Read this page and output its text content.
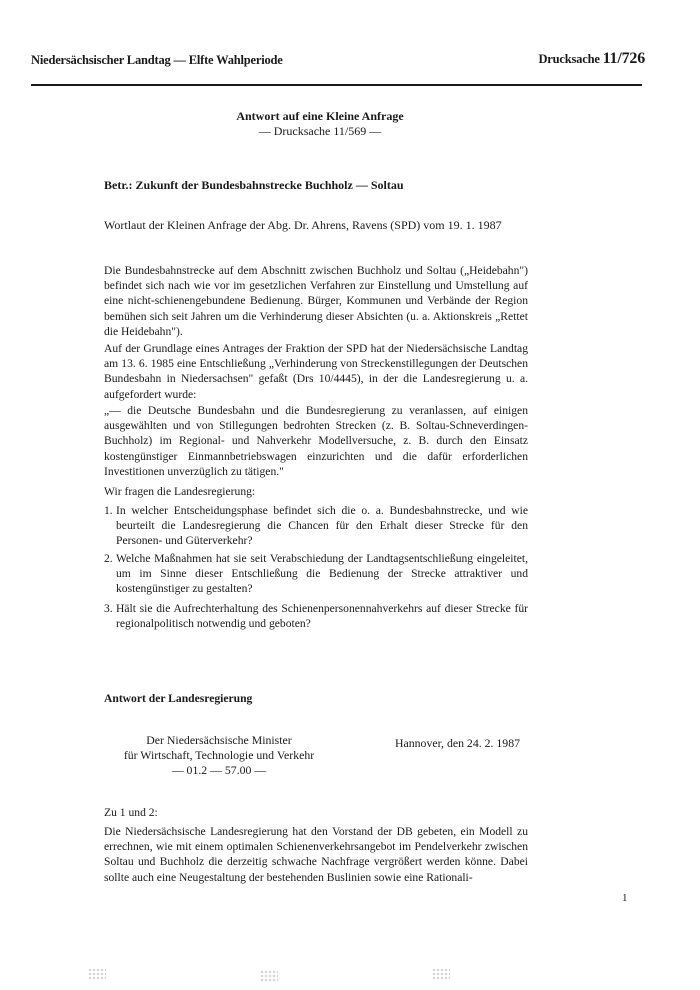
Niedersächsischer Landtag — Elfte Wahlperiode	Drucksache 11/726
Antwort auf eine Kleine Anfrage
— Drucksache 11/569 —
Betr.: Zukunft der Bundesbahnstrecke Buchholz — Soltau
Wortlaut der Kleinen Anfrage der Abg. Dr. Ahrens, Ravens (SPD) vom 19. 1. 1987
Die Bundesbahnstrecke auf dem Abschnitt zwischen Buchholz und Soltau („Heidebahn") befindet sich nach wie vor im gesetzlichen Verfahren zur Einstellung und Umstellung auf eine nicht-schienengebundene Bedienung. Bürger, Kommunen und Verbände der Region bemühen sich seit Jahren um die Verhinderung dieser Absichten (u. a. Aktionskreis „Rettet die Heidebahn").
Auf der Grundlage eines Antrages der Fraktion der SPD hat der Niedersächsische Landtag am 13. 6. 1985 eine Entschließung „Verhinderung von Streckenstillegungen der Deutschen Bundesbahn in Niedersachsen" gefaßt (Drs 10/4445), in der die Landesregierung u. a. aufgefordert wurde:
„— die Deutsche Bundesbahn und die Bundesregierung zu veranlassen, auf einigen ausgewählten und von Stillegungen bedrohten Strecken (z. B. Soltau-Schneverdingen-Buchholz) im Regional- und Nahverkehr Modellversuche, z. B. durch den Einsatz kostengünstiger Einmannbetriebswagen einzurichten und die dafür erforderlichen Investitionen unverzüglich zu tätigen."
Wir fragen die Landesregierung:
1. In welcher Entscheidungsphase befindet sich die o. a. Bundesbahnstrecke, und wie beurteilt die Landesregierung die Chancen für den Erhalt dieser Strecke für den Personen- und Güterverkehr?
2. Welche Maßnahmen hat sie seit Verabschiedung der Landtagsentschließung eingeleitet, um im Sinne dieser Entschließung die Bedienung der Strecke attraktiver und kostengünstiger zu gestalten?
3. Hält sie die Aufrechterhaltung des Schienenpersonennahverkehrs auf dieser Strecke für regionalpolitisch notwendig und geboten?
Antwort der Landesregierung
Der Niedersächsische Minister
für Wirtschaft, Technologie und Verkehr
— 01.2 — 57.00 —
Hannover, den 24. 2. 1987
Zu 1 und 2:
Die Niedersächsische Landesregierung hat den Vorstand der DB gebeten, ein Modell zu errechnen, wie mit einem optimalen Schienenverkehrsangebot im Pendelverkehr zwischen Soltau und Buchholz die derzeitig schwache Nachfrage vergrößert werden könne. Dabei sollte auch eine Neugestaltung der bestehenden Buslinien sowie eine Rationali-
1
